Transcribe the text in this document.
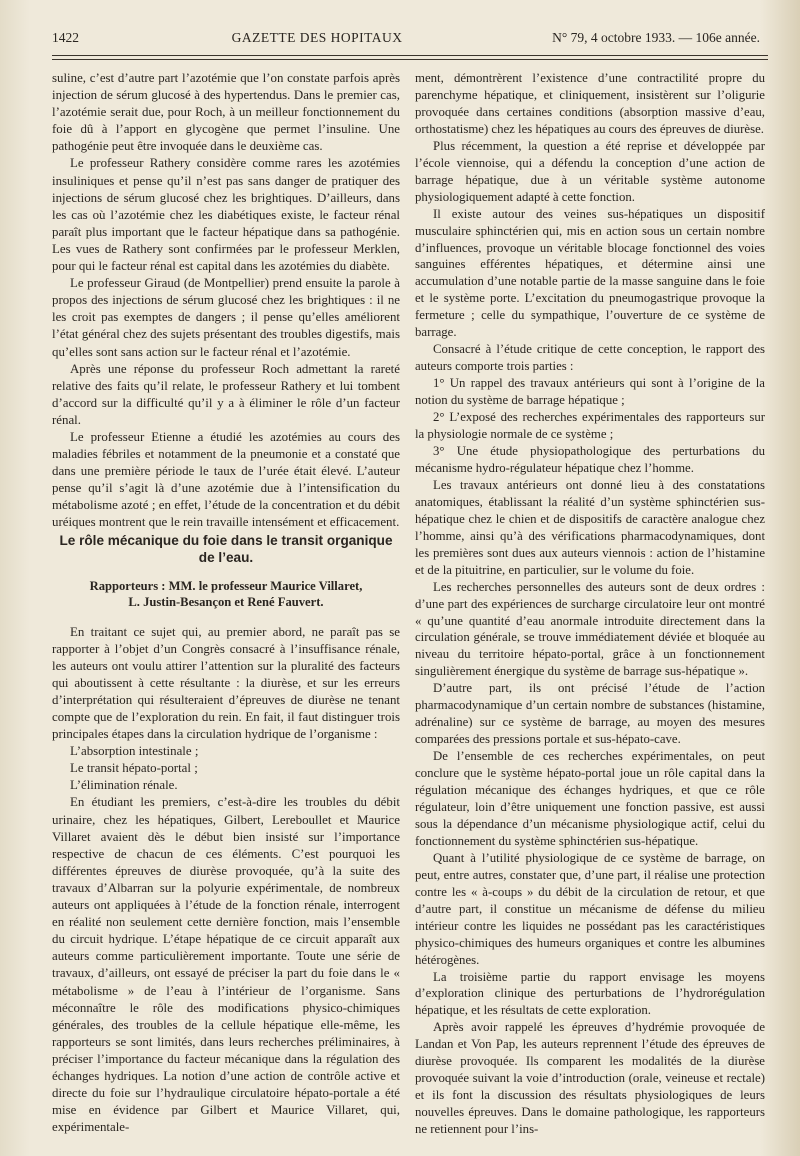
1422	GAZETTE DES HOPITAUX	N° 79, 4 octobre 1933. — 106e année.

suline, c’est d’autre part l’azotémie que l’on constate parfois après injection de sérum glucosé à des hypertendus. Dans le premier cas, l’azotémie serait due, pour Roch, à un meilleur fonctionnement du foie dû à l’apport en glycogène que permet l’insuline. Une pathogénie peut être invoquée dans le deuxième cas.

Le professeur Rathery considère comme rares les azotémies insuliniques et pense qu’il n’est pas sans danger de pratiquer des injections de sérum glucosé chez les brightiques. D’ailleurs, dans les cas où l’azotémie chez les diabétiques existe, le facteur rénal paraît plus important que le facteur hépatique dans sa pathogénie. Les vues de Rathery sont confirmées par le professeur Merklen, pour qui le facteur rénal est capital dans les azotémies du diabète.

Le professeur Giraud (de Montpellier) prend ensuite la parole à propos des injections de sérum glucosé chez les brightiques : il ne les croit pas exemptes de dangers ; il pense qu’elles améliorent l’état général chez des sujets présentant des troubles digestifs, mais qu’elles sont sans action sur le facteur rénal et l’azotémie.

Après une réponse du professeur Roch admettant la rareté relative des faits qu’il relate, le professeur Rathery et lui tombent d’accord sur la difficulté qu’il y a à éliminer le rôle d’un facteur rénal.

Le professeur Etienne a étudié les azotémies au cours des maladies fébriles et notamment de la pneumonie et a constaté que dans une première période le taux de l’urée était élevé. L’auteur pense qu’il s’agit là d’une azotémie due à l’intensification du métabolisme azoté ; en effet, l’étude de la concentration et du débit uréiques montrent que le rein travaille intensément et efficacement.

Le rôle mécanique du foie dans le transit organique de l’eau.

Rapporteurs : MM. le professeur Maurice Villaret,
L. Justin-Besançon et René Fauvert.

En traitant ce sujet qui, au premier abord, ne paraît pas se rapporter à l’objet d’un Congrès consacré à l’insuffisance rénale, les auteurs ont voulu attirer l’attention sur la pluralité des facteurs qui aboutissent à cette résultante : la diurèse, et sur les erreurs d’interprétation qui résulteraient d’épreuves de diurèse ne tenant compte que de l’exploration du rein. En fait, il faut distinguer trois principales étapes dans la circulation hydrique de l’organisme :

L’absorption intestinale ;

Le transit hépato-portal ;

L’élimination rénale.

En étudiant les premiers, c’est-à-dire les troubles du débit urinaire, chez les hépatiques, Gilbert, Lereboullet et Maurice Villaret avaient dès le début bien insisté sur l’importance respective de chacun de ces éléments. C’est pourquoi les différentes épreuves de diurèse provoquée, qu’à la suite des travaux d’Albarran sur la polyurie expérimentale, de nombreux auteurs ont appliquées à l’étude de la fonction rénale, interrogent en réalité non seulement cette dernière fonction, mais l’ensemble du circuit hydrique. L’étape hépatique de ce circuit apparaît aux auteurs comme particulièrement importante. Toute une série de travaux, d’ailleurs, ont essayé de préciser la part du foie dans le « métabolisme » de l’eau à l’intérieur de l’organisme. Sans méconnaître le rôle des modifications physico-chimiques générales, des troubles de la cellule hépatique elle-même, les rapporteurs se sont limités, dans leurs recherches préliminaires, à préciser l’importance du facteur mécanique dans la régulation des échanges hydriques. La notion d’une action de contrôle active et directe du foie sur l’hydraulique circulatoire hépato-portale a été mise en évidence par Gilbert et Maurice Villaret, qui, expérimentale-

ment, démontrèrent l’existence d’une contractilité propre du parenchyme hépatique, et cliniquement, insistèrent sur l’oligurie provoquée dans certaines conditions (absorption massive d’eau, orthostatisme) chez les hépatiques au cours des épreuves de diurèse.

Plus récemment, la question a été reprise et développée par l’école viennoise, qui a défendu la conception d’une action de barrage hépatique, due à un véritable système autonome physiologiquement adapté à cette fonction.

Il existe autour des veines sus-hépatiques un dispositif musculaire sphinctérien qui, mis en action sous un certain nombre d’influences, provoque un véritable blocage fonctionnel des voies sanguines efférentes hépatiques, et détermine ainsi une accumulation d’une notable partie de la masse sanguine dans le foie et le système porte. L’excitation du pneumogastrique provoque la fermeture ; celle du sympathique, l’ouverture de ce système de barrage.

Consacré à l’étude critique de cette conception, le rapport des auteurs comporte trois parties :

1° Un rappel des travaux antérieurs qui sont à l’origine de la notion du système de barrage hépatique ;

2° L’exposé des recherches expérimentales des rapporteurs sur la physiologie normale de ce système ;

3° Une étude physiopathologique des perturbations du mécanisme hydro-régulateur hépatique chez l’homme.

Les travaux antérieurs ont donné lieu à des constatations anatomiques, établissant la réalité d’un système sphinctérien sus-hépatique chez le chien et de dispositifs de caractère analogue chez l’homme, ainsi qu’à des vérifications pharmacodynamiques, dont les premières sont dues aux auteurs viennois : action de l’histamine et de la pituitrine, en particulier, sur le volume du foie.

Les recherches personnelles des auteurs sont de deux ordres : d’une part des expériences de surcharge circulatoire leur ont montré « qu’une quantité d’eau anormale introduite directement dans la circulation générale, se trouve immédiatement déviée et bloquée au niveau du territoire hépato-portal, grâce à un fonctionnement singulièrement énergique du système de barrage sus-hépatique ».

D’autre part, ils ont précisé l’étude de l’action pharmacodynamique d’un certain nombre de substances (histamine, adrénaline) sur ce système de barrage, au moyen des mesures comparées des pressions portale et sus-hépato-cave.

De l’ensemble de ces recherches expérimentales, on peut conclure que le système hépato-portal joue un rôle capital dans la régulation mécanique des échanges hydriques, et que ce rôle régulateur, loin d’être uniquement une fonction passive, est aussi sous la dépendance d’un mécanisme physiologique actif, celui du fonctionnement du système sphinctérien sus-hépatique.

Quant à l’utilité physiologique de ce système de barrage, on peut, entre autres, constater que, d’une part, il réalise une protection contre les « à-coups » du débit de la circulation de retour, et que d’autre part, il constitue un mécanisme de défense du milieu intérieur contre les liquides ne possédant pas les caractéristiques physico-chimiques des humeurs organiques et contre les albumines hétérogènes.

La troisième partie du rapport envisage les moyens d’exploration clinique des perturbations de l’hydrorégulation hépatique, et les résultats de cette exploration.

Après avoir rappelé les épreuves d’hydrémie provoquée de Landan et Von Pap, les auteurs reprennent l’étude des épreuves de diurèse provoquée. Ils comparent les modalités de la diurèse provoquée suivant la voie d’introduction (orale, veineuse et rectale) et ils font la discussion des résultats physiologiques de leurs nouvelles épreuves. Dans le domaine pathologique, les rapporteurs ne retiennent pour l’ins-
